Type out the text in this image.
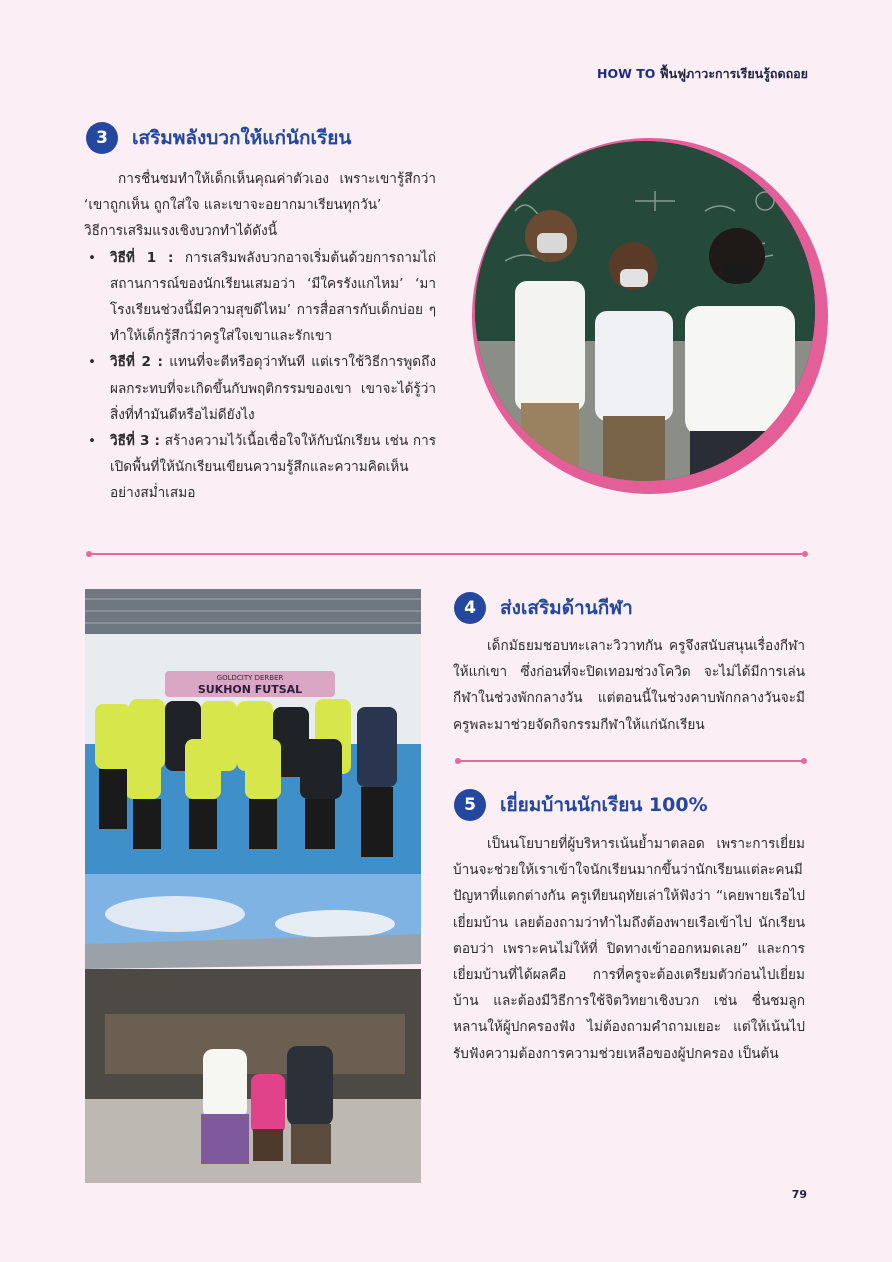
HOW TO ฟื้นฟูภาวะการเรียนรู้ถดถอย
3	เสริมพลังบวกให้แก่นักเรียน

การชื่นชมทำให้เด็กเห็นคุณค่าตัวเอง เพราะเขารู้สึกว่า ‘เขาถูกเห็น ถูกใส่ใจ และเขาจะอยากมาเรียนทุกวัน’

วิธีการเสริมแรงเชิงบวกทำได้ดังนี้

• วิธีที่ 1 : การเสริมพลังบวกอาจเริ่มต้นด้วยการถามไถ่สถานการณ์ของนักเรียนเสมอว่า ‘มีใครรังแกไหม’ ‘มาโรงเรียนช่วงนี้มีความสุขดีไหม’ การสื่อสารกับเด็กบ่อย ๆ ทำให้เด็กรู้สึกว่าครูใส่ใจเขาและรักเขา
• วิธีที่ 2 : แทนที่จะตีหรือดุว่าทันที แต่เราใช้วิธีการพูดถึงผลกระทบที่จะเกิดขึ้นกับพฤติกรรมของเขา เขาจะได้รู้ว่าสิ่งที่ทำมันดีหรือไม่ดียังไง
• วิธีที่ 3 : สร้างความไว้เนื้อเชื่อใจให้กับนักเรียน เช่น การเปิดพื้นที่ให้นักเรียนเขียนความรู้สึกและความคิดเห็นอย่างสม่ำเสมอ
GOLDCITY DERBER
SUKHON FUTSAL
4	ส่งเสริมด้านกีฬา

เด็กมัธยมชอบทะเลาะวิวาทกัน ครูจึงสนับสนุนเรื่องกีฬาให้แก่เขา ซึ่งก่อนที่จะปิดเทอมช่วงโควิด จะไม่ได้มีการเล่นกีฬาในช่วงพักกลางวัน แต่ตอนนี้ในช่วงคาบพักกลางวันจะมีครูพละมาช่วยจัดกิจกรรมกีฬาให้แก่นักเรียน

5	เยี่ยมบ้านนักเรียน 100%

เป็นนโยบายที่ผู้บริหารเน้นย้ำมาตลอด เพราะการเยี่ยมบ้านจะช่วยให้เราเข้าใจนักเรียนมากขึ้นว่านักเรียนแต่ละคนมีปัญหาที่แตกต่างกัน ครูเทียนฤทัยเล่าให้ฟังว่า “เคยพายเรือไปเยี่ยมบ้าน เลยต้องถามว่าทำไมถึงต้องพายเรือเข้าไป นักเรียนตอบว่า เพราะคนไม่ให้ที่ ปิดทางเข้าออกหมดเลย” และการเยี่ยมบ้านที่ได้ผลคือ การที่ครูจะต้องเตรียมตัวก่อนไปเยี่ยมบ้าน และต้องมีวิธีการใช้จิตวิทยาเชิงบวก เช่น ชื่นชมลูกหลานให้ผู้ปกครองฟัง ไม่ต้องถามคำถามเยอะ แต่ให้เน้นไปรับฟังความต้องการความช่วยเหลือของผู้ปกครอง เป็นต้น

79
